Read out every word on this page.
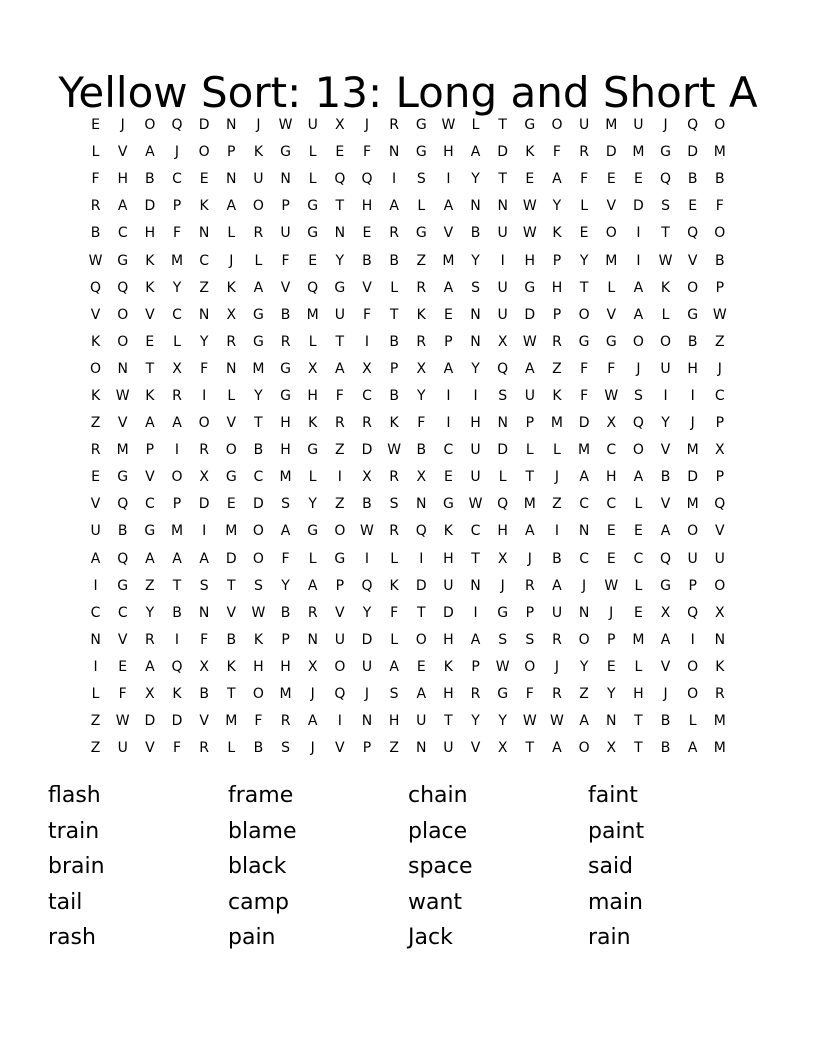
Yellow Sort: 13: Long and Short A
E	J	O	Q	D	N	J	W	U	X	J	R	G	W	L	T	G	O	U	M	U	J	Q	O
L	V	A	J	O	P	K	G	L	E	F	N	G	H	A	D	K	F	R	D	M	G	D	M
F	H	B	C	E	N	U	N	L	Q	Q	I	S	I	Y	T	E	A	F	E	E	Q	B	B
R	A	D	P	K	A	O	P	G	T	H	A	L	A	N	N	W	Y	L	V	D	S	E	F
B	C	H	F	N	L	R	U	G	N	E	R	G	V	B	U	W	K	E	O	I	T	Q	O
W	G	K	M	C	J	L	F	E	Y	B	B	Z	M	Y	I	H	P	Y	M	I	W	V	B
Q	Q	K	Y	Z	K	A	V	Q	G	V	L	R	A	S	U	G	H	T	L	A	K	O	P
V	O	V	C	N	X	G	B	M	U	F	T	K	E	N	U	D	P	O	V	A	L	G	W
K	O	E	L	Y	R	G	R	L	T	I	B	R	P	N	X	W	R	G	G	O	O	B	Z
O	N	T	X	F	N	M	G	X	A	X	P	X	A	Y	Q	A	Z	F	F	J	U	H	J
K	W	K	R	I	L	Y	G	H	F	C	B	Y	I	I	S	U	K	F	W	S	I	I	C
Z	V	A	A	O	V	T	H	K	R	R	K	F	I	H	N	P	M	D	X	Q	Y	J	P
R	M	P	I	R	O	B	H	G	Z	D	W	B	C	U	D	L	L	M	C	O	V	M	X
E	G	V	O	X	G	C	M	L	I	X	R	X	E	U	L	T	J	A	H	A	B	D	P
V	Q	C	P	D	E	D	S	Y	Z	B	S	N	G	W	Q	M	Z	C	C	L	V	M	Q
U	B	G	M	I	M	O	A	G	O	W	R	Q	K	C	H	A	I	N	E	E	A	O	V
A	Q	A	A	A	D	O	F	L	G	I	L	I	H	T	X	J	B	C	E	C	Q	U	U
I	G	Z	T	S	T	S	Y	A	P	Q	K	D	U	N	J	R	A	J	W	L	G	P	O
C	C	Y	B	N	V	W	B	R	V	Y	F	T	D	I	G	P	U	N	J	E	X	Q	X
N	V	R	I	F	B	K	P	N	U	D	L	O	H	A	S	S	R	O	P	M	A	I	N
I	E	A	Q	X	K	H	H	X	O	U	A	E	K	P	W	O	J	Y	E	L	V	O	K
L	F	X	K	B	T	O	M	J	Q	J	S	A	H	R	G	F	R	Z	Y	H	J	O	R
Z	W	D	D	V	M	F	R	A	I	N	H	U	T	Y	Y	W W	A	N	T	B	L	M
Z	U	V	F	R	L	B	S	J	V	P	Z	N	U	V	X	T	A	O	X	T	B	A	M
flash	frame	chain	faint
train	blame	place	paint
brain	black	space	said
tail	camp	want	main
rash	pain	Jack	rain
